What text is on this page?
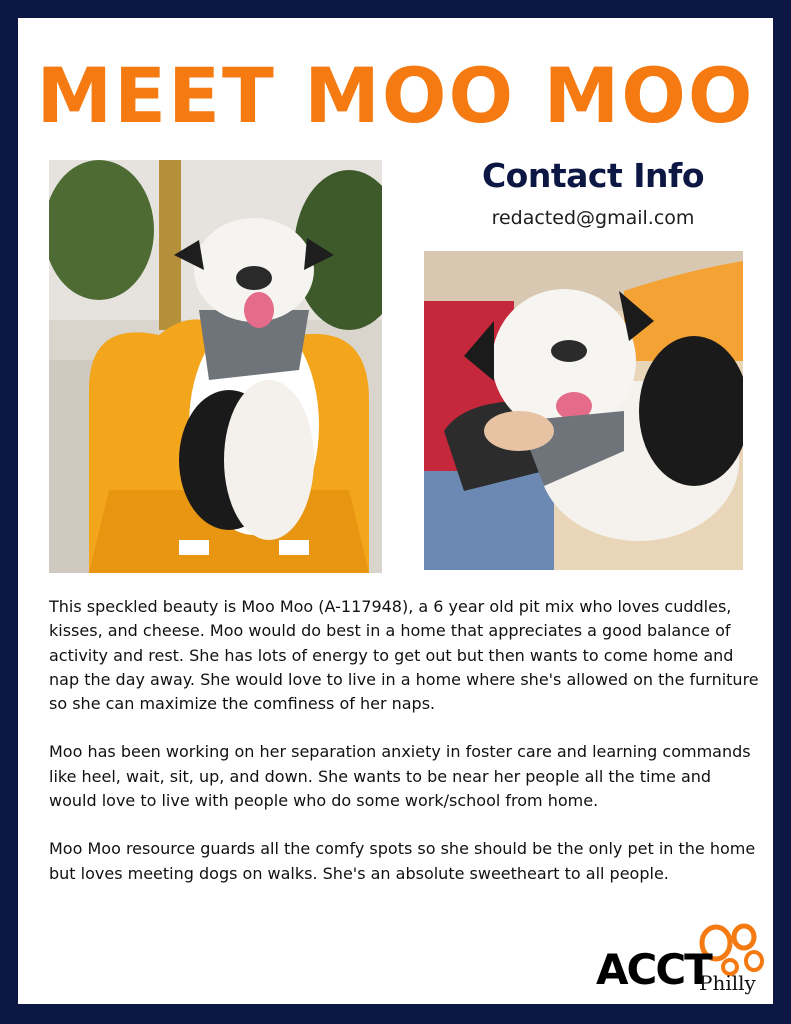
MEET MOO MOO
Contact Info
redacted@gmail.com

This speckled beauty is Moo Moo (A-117948), a 6 year old pit mix who loves cuddles, kisses, and cheese. Moo would do best in a home that appreciates a good balance of activity and rest. She has lots of energy to get out but then wants to come home and nap the day away. She would love to live in a home where she's allowed on the furniture so she can maximize the comfiness of her naps.

Moo has been working on her separation anxiety in foster care and learning commands like heel, wait, sit, up, and down. She wants to be near her people all the time and would love to live with people who do some work/school from home.

Moo Moo resource guards all the comfy spots so she should be the only pet in the home but loves meeting dogs on walks. She's an absolute sweetheart to all people.

ACCT
Philly
